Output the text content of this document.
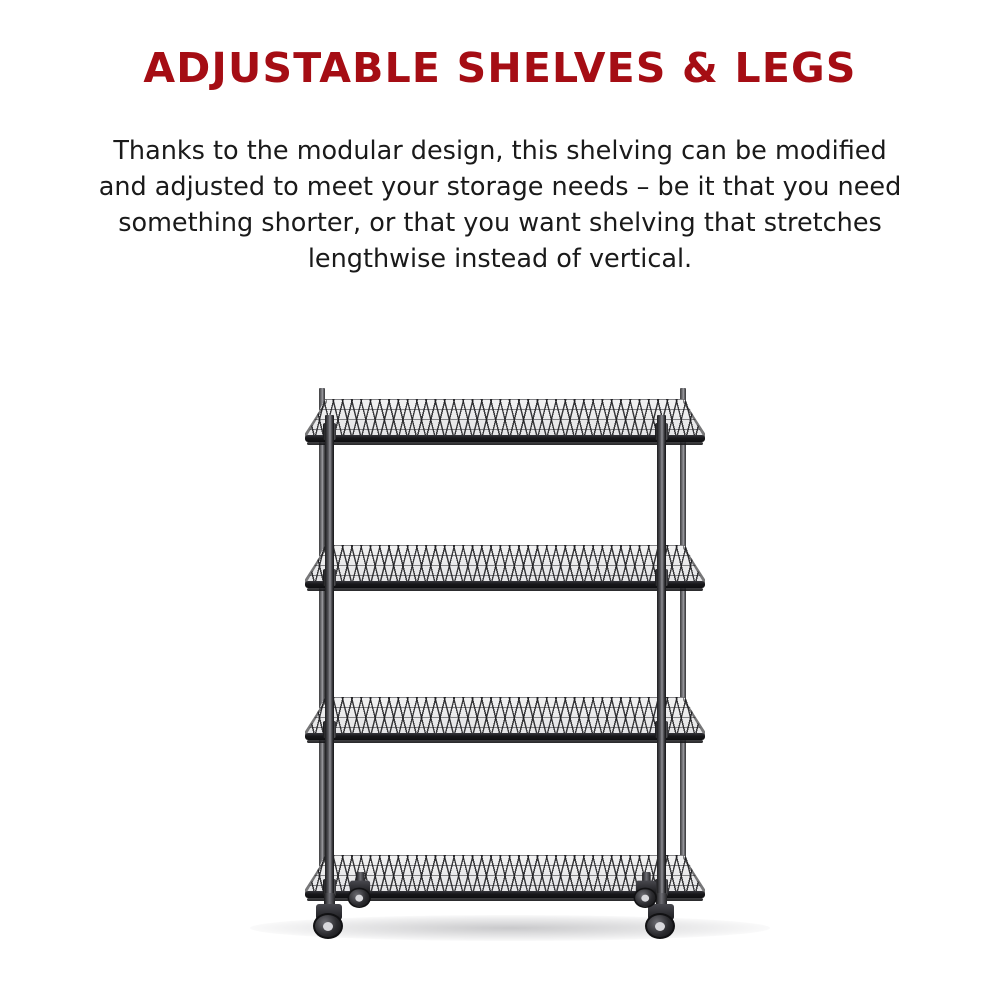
ADJUSTABLE SHELVES & LEGS
Thanks to the modular design, this shelving can be modified
and adjusted to meet your storage needs – be it that you need
something shorter, or that you want shelving that stretches
lengthwise instead of vertical.
